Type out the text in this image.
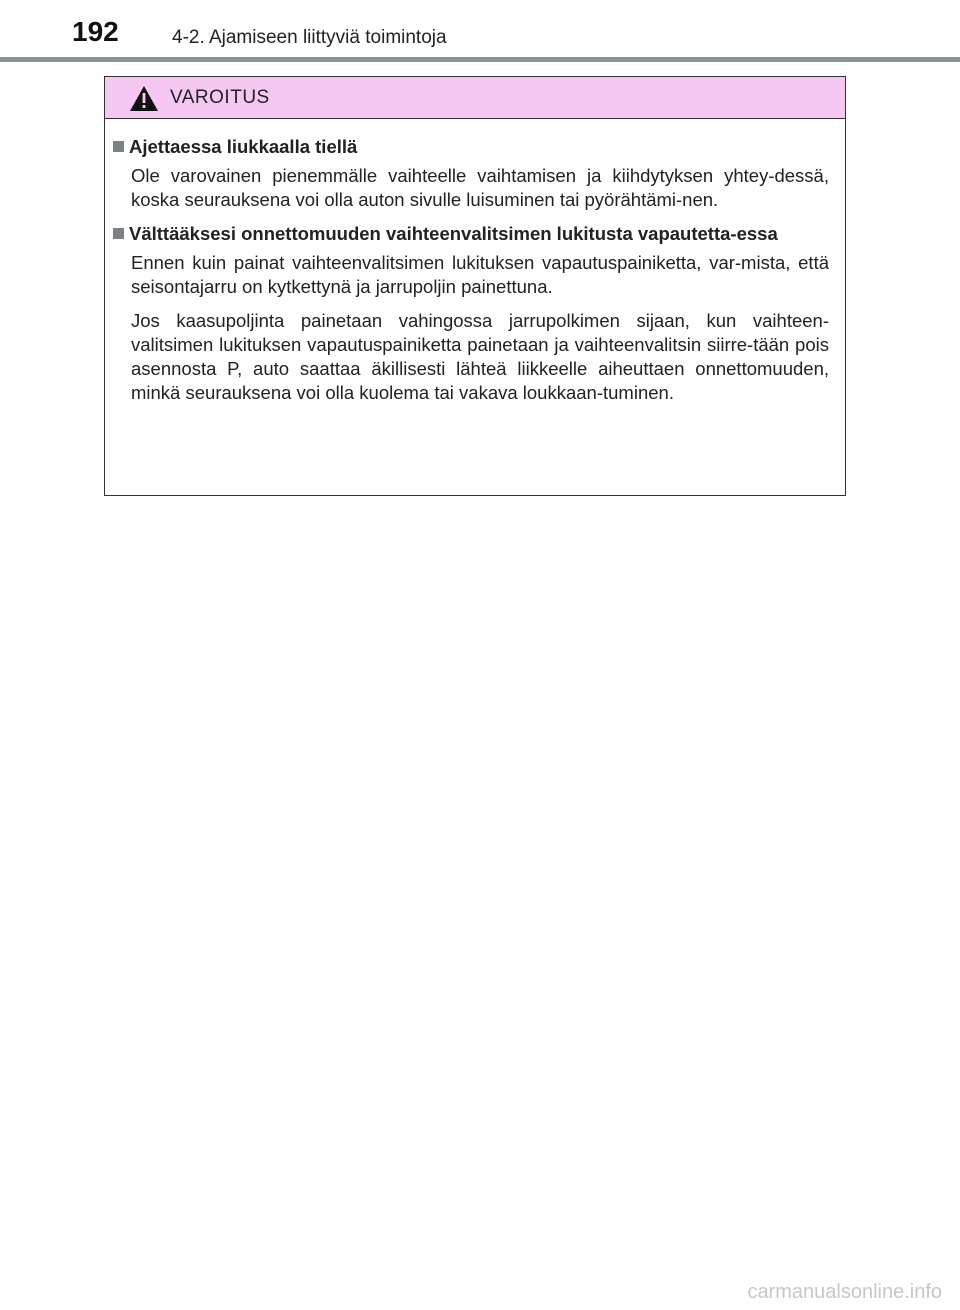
192	4-2. Ajamiseen liittyviä toimintoja
VAROITUS
Ajettaessa liukkaalla tiellä

Ole varovainen pienemmälle vaihteelle vaihtamisen ja kiihdytyksen yhtey-dessä, koska seurauksena voi olla auton sivulle luisuminen tai pyörähtämi-nen.

Välttääksesi onnettomuuden vaihteenvalitsimen lukitusta vapautetta-essa

Ennen kuin painat vaihteenvalitsimen lukituksen vapautuspainiketta, var-mista, että seisontajarru on kytkettynä ja jarrupoljin painettuna.

Jos kaasupoljinta painetaan vahingossa jarrupolkimen sijaan, kun vaihteen-valitsimen lukituksen vapautuspainiketta painetaan ja vaihteenvalitsin siirre-tään pois asennosta P, auto saattaa äkillisesti lähteä liikkeelle aiheuttaen onnettomuuden, minkä seurauksena voi olla kuolema tai vakava loukkaan-tuminen.

carmanualsonline.info
